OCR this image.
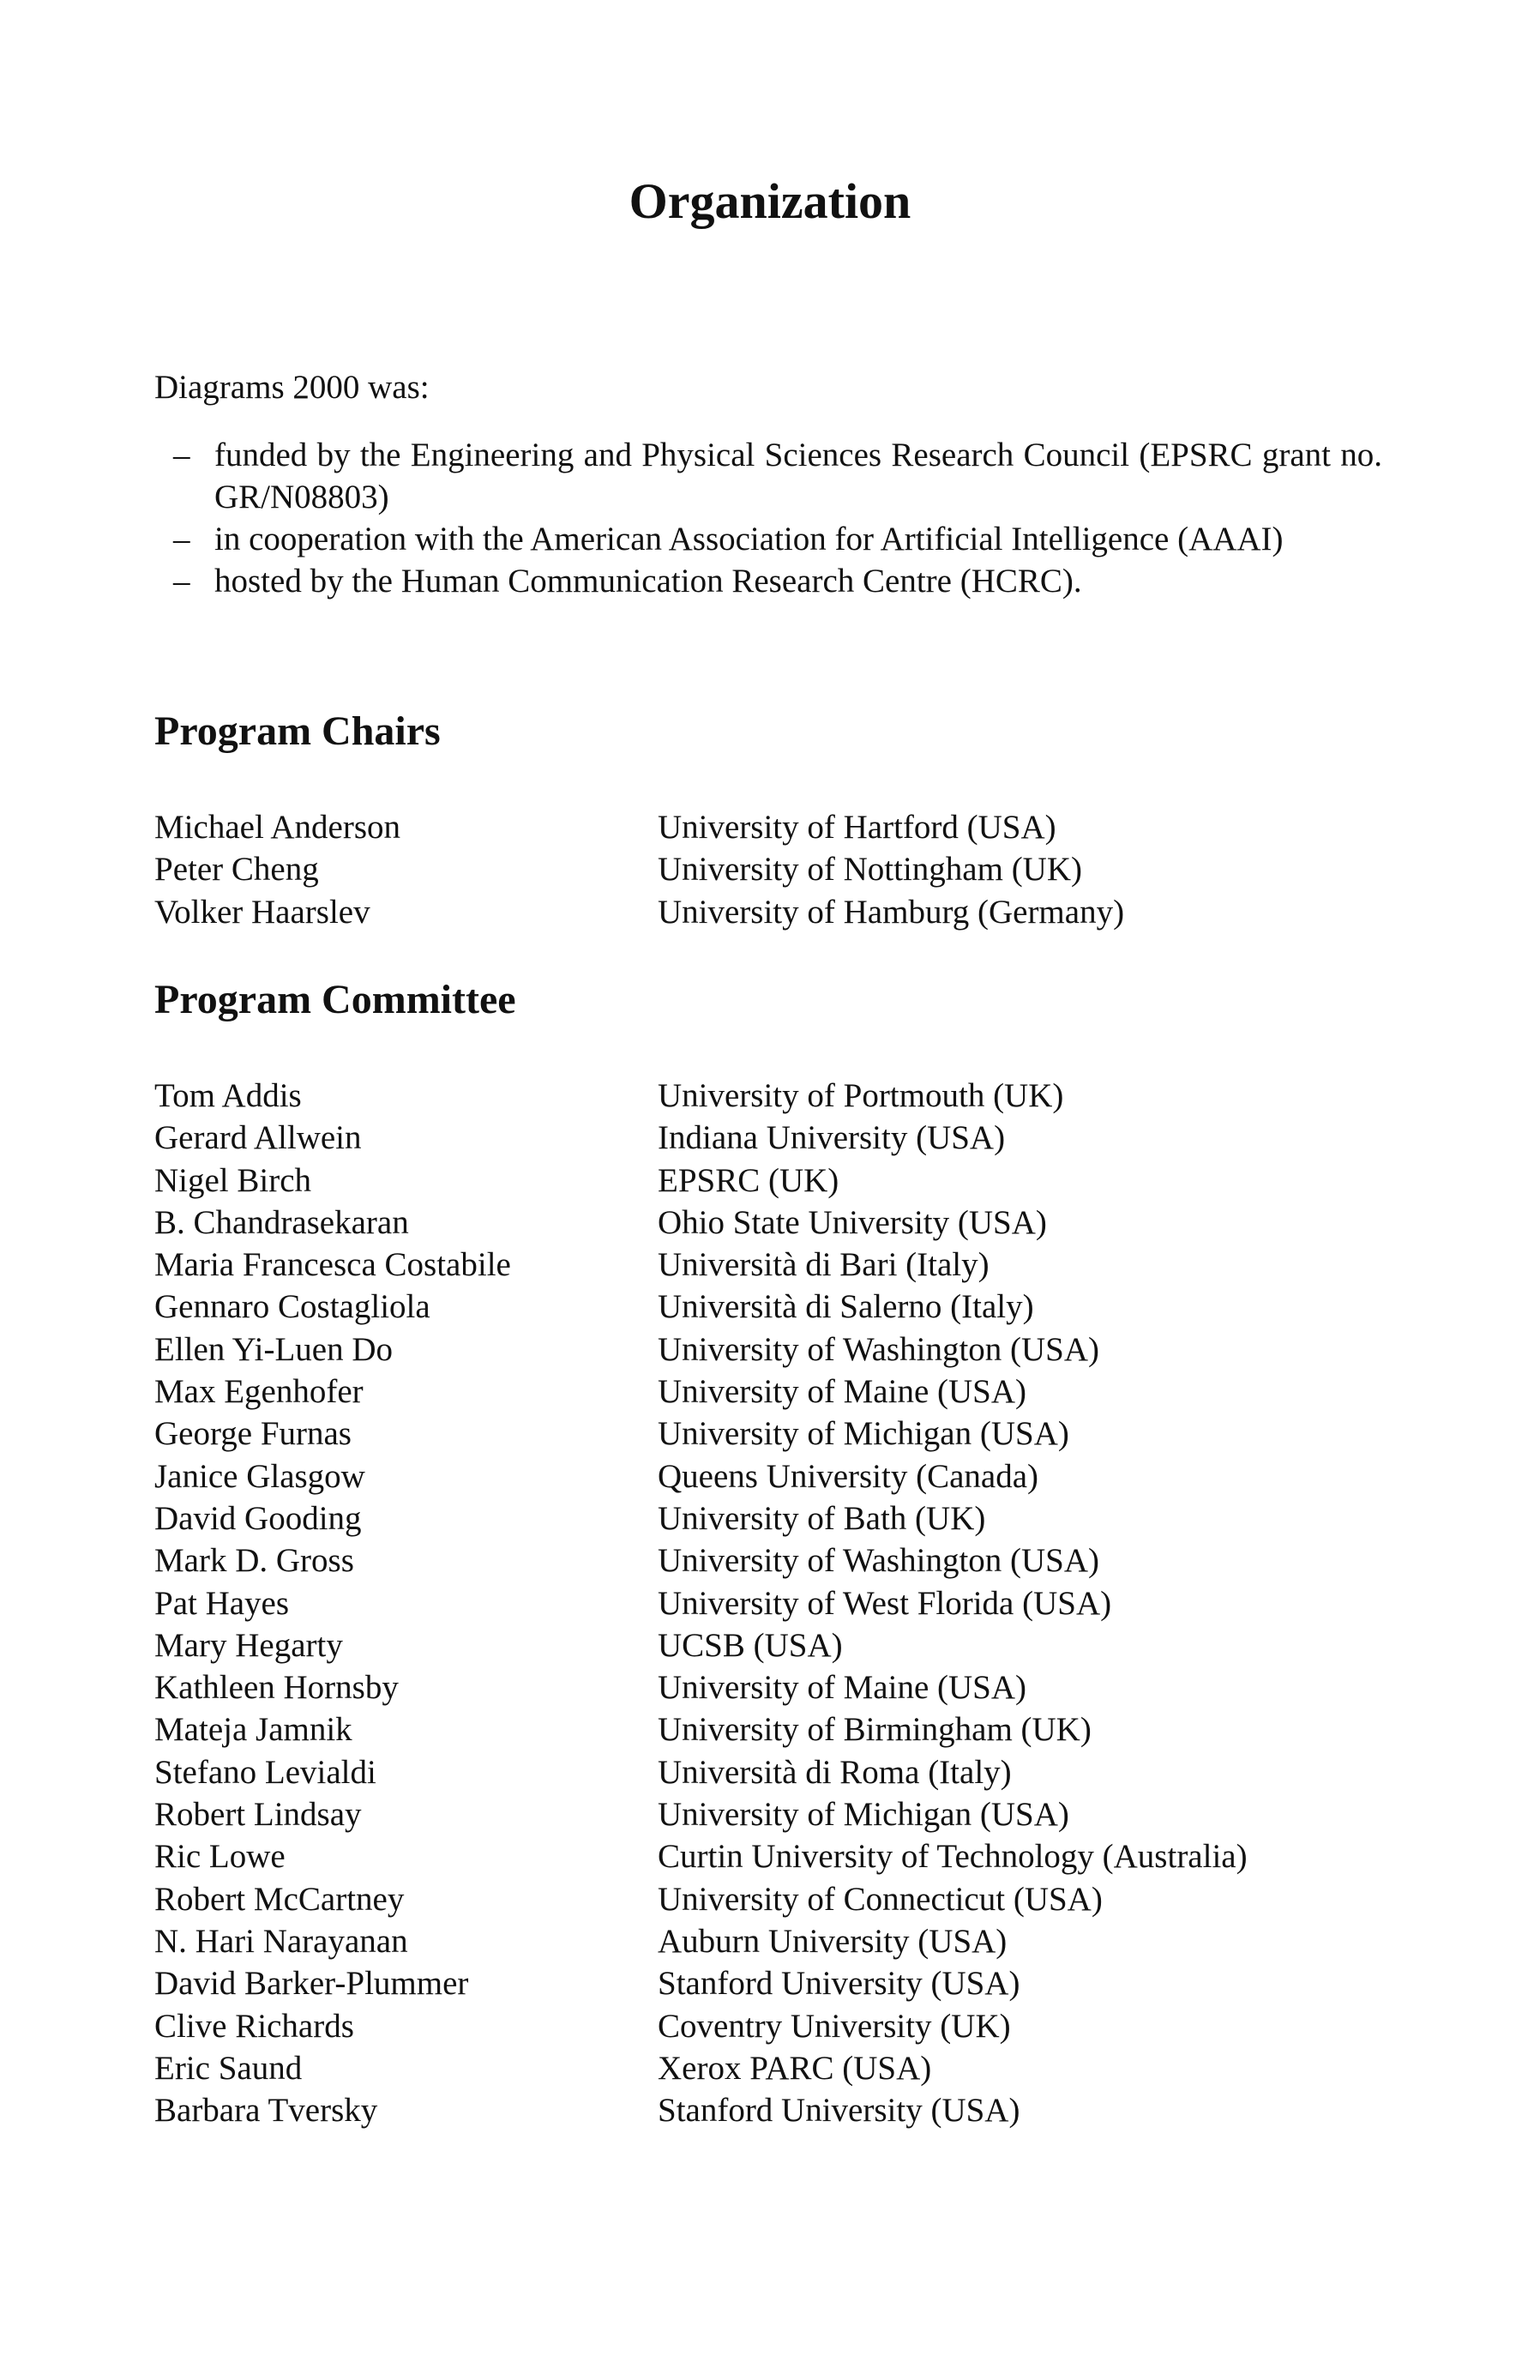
Organization

Diagrams 2000 was:

– funded by the Engineering and Physical Sciences Research Council (EPSRC grant no. GR/N08803)
– in cooperation with the American Association for Artificial Intelligence (AAAI)
– hosted by the Human Communication Research Centre (HCRC).
Program Chairs
Michael Anderson	University of Hartford (USA)
Peter Cheng	University of Nottingham (UK)
Volker Haarslev	University of Hamburg (Germany)
Program Committee
Tom Addis	University of Portmouth (UK)
Gerard Allwein	Indiana University (USA)
Nigel Birch	EPSRC (UK)
B. Chandrasekaran	Ohio State University (USA)
Maria Francesca Costabile	Università di Bari (Italy)
Gennaro Costagliola	Università di Salerno (Italy)
Ellen Yi-Luen Do	University of Washington (USA)
Max Egenhofer	University of Maine (USA)
George Furnas	University of Michigan (USA)
Janice Glasgow	Queens University (Canada)
David Gooding	University of Bath (UK)
Mark D. Gross	University of Washington (USA)
Pat Hayes	University of West Florida (USA)
Mary Hegarty	UCSB (USA)
Kathleen Hornsby	University of Maine (USA)
Mateja Jamnik	University of Birmingham (UK)
Stefano Levialdi	Università di Roma (Italy)
Robert Lindsay	University of Michigan (USA)
Ric Lowe	Curtin University of Technology (Australia)
Robert McCartney	University of Connecticut (USA)
N. Hari Narayanan	Auburn University (USA)
David Barker-Plummer	Stanford University (USA)
Clive Richards	Coventry University (UK)
Eric Saund	Xerox PARC (USA)
Barbara Tversky	Stanford University (USA)
